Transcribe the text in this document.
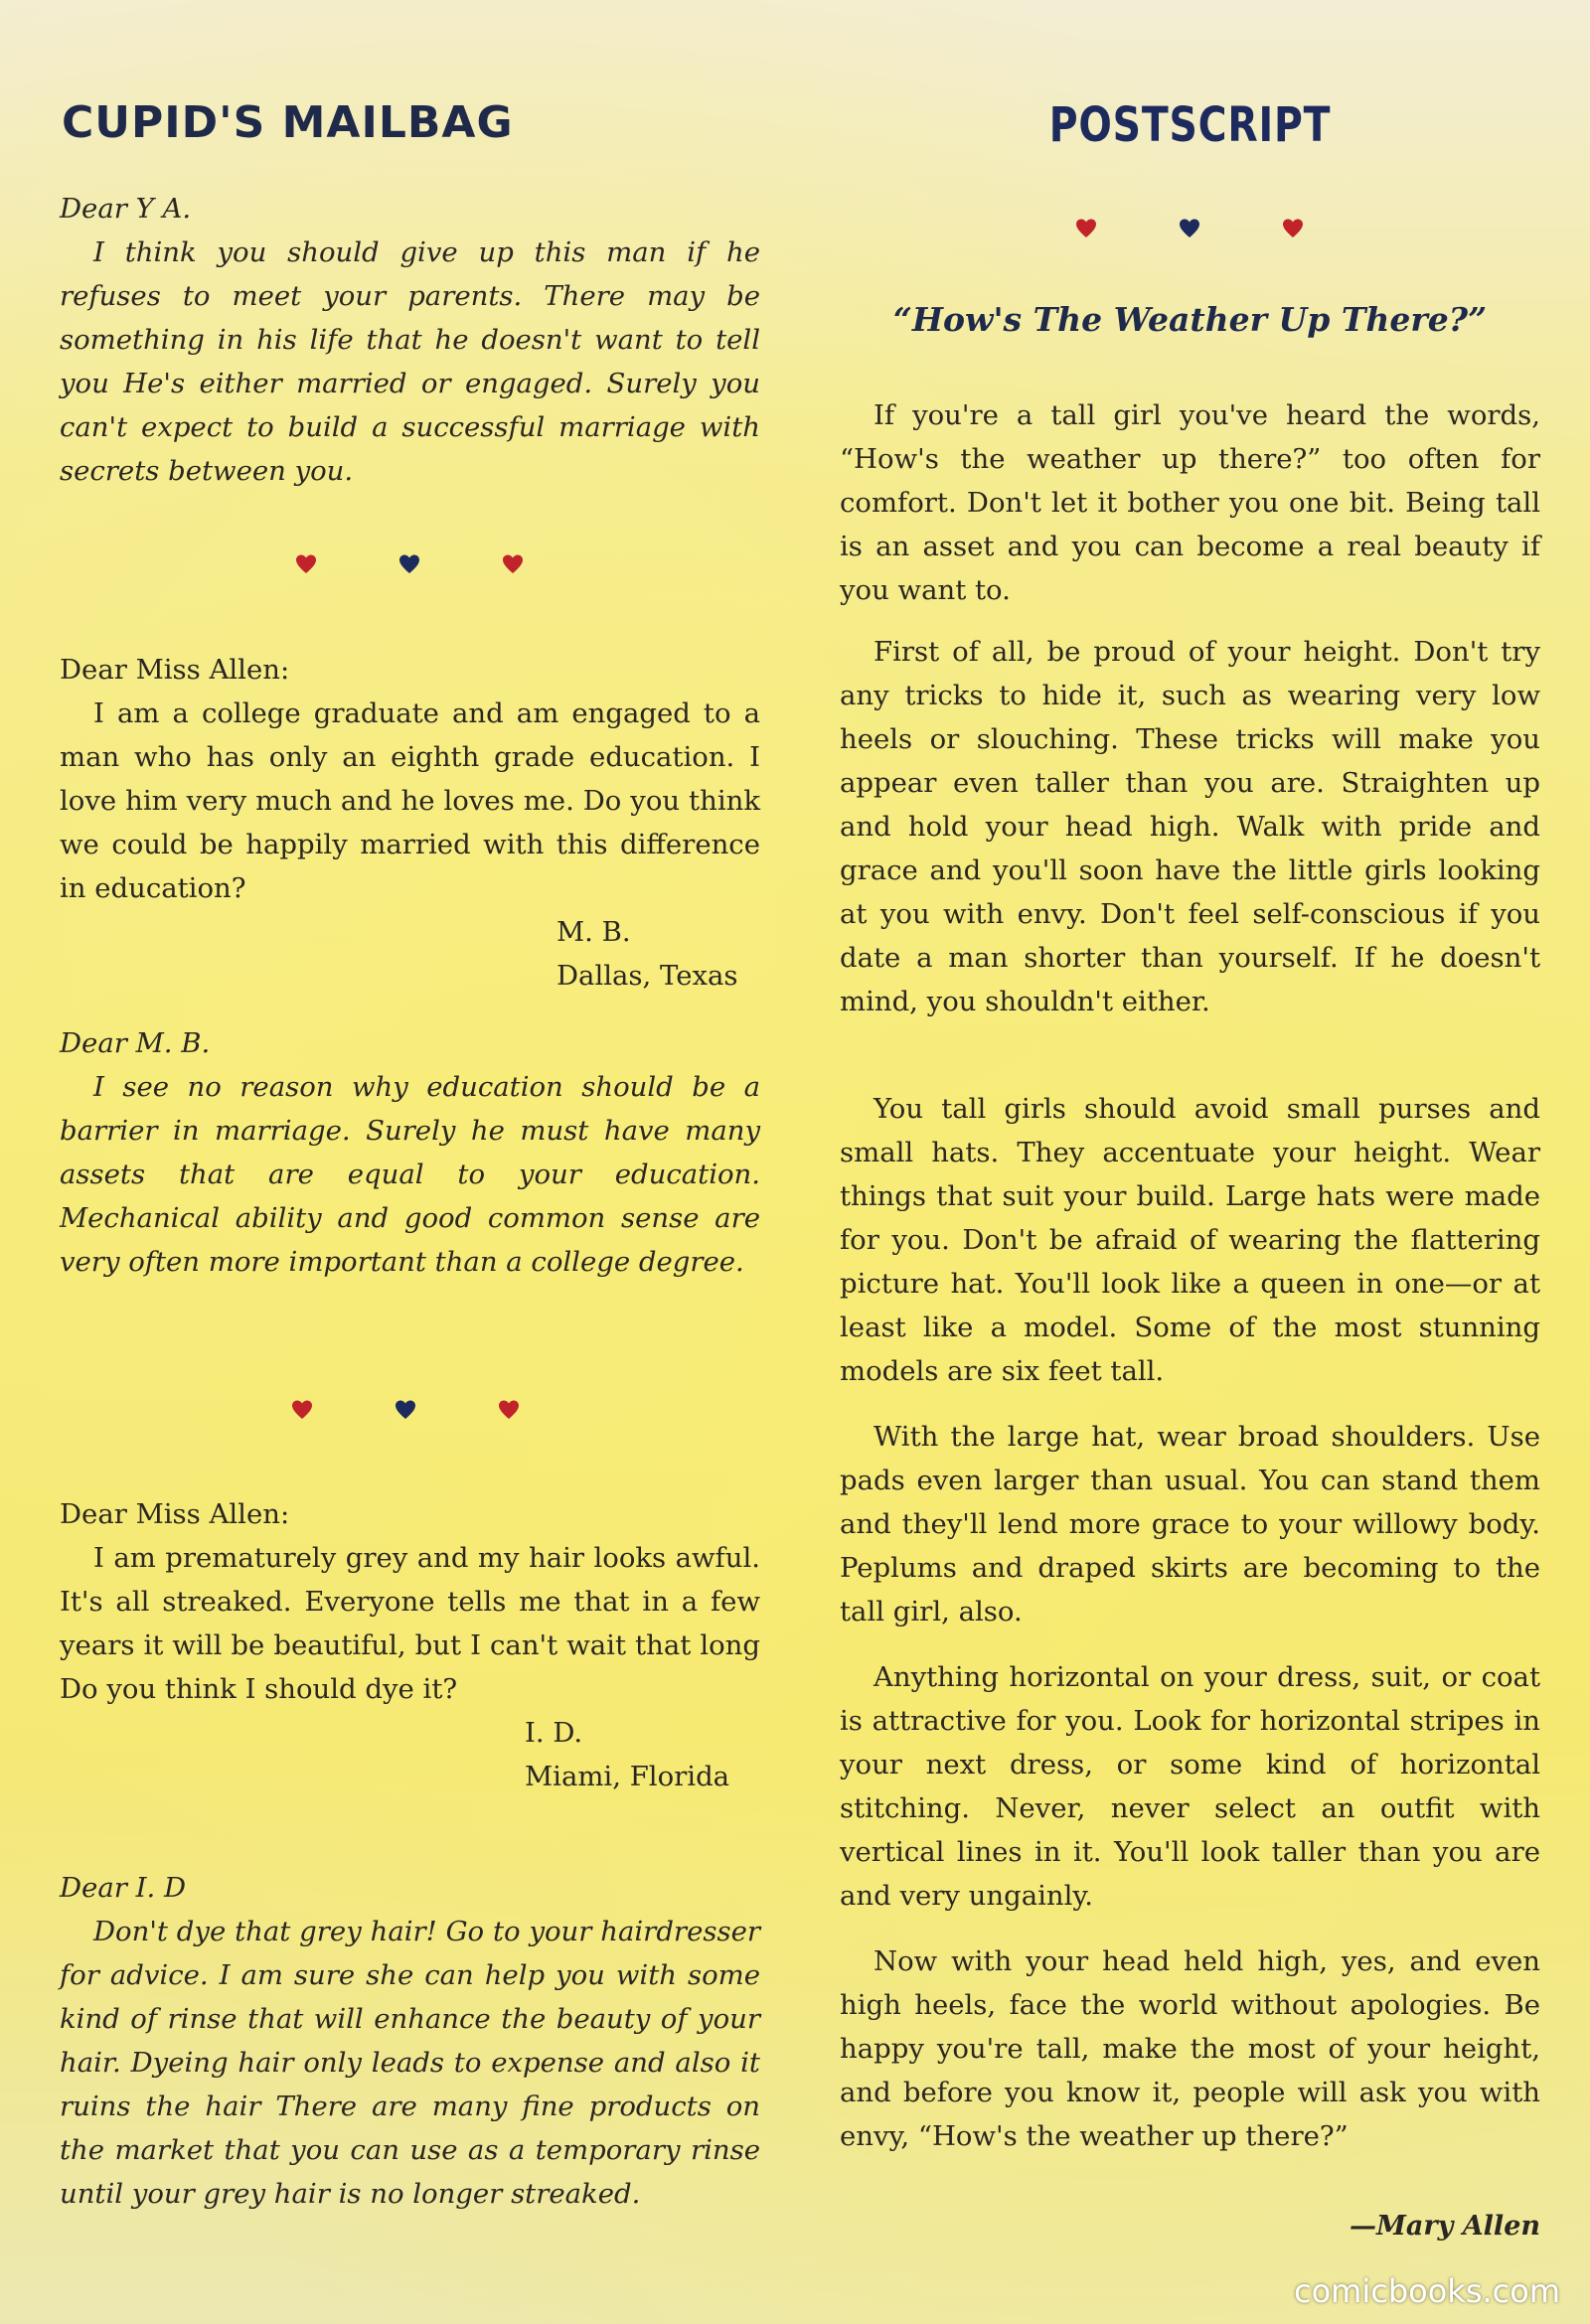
CUPID'S MAILBAG

Dear Y A.

I think you should give up this man if he refuses to meet your parents. There may be something in his life that he doesn't want to tell you He's either married or engaged. Surely you can't expect to build a successful marriage with secrets between you.

Dear Miss Allen:

I am a college graduate and am engaged to a man who has only an eighth grade education. I love him very much and he loves me. Do you think we could be happily married with this difference in education?

M. B.

Dallas, Texas

Dear M. B.

I see no reason why education should be a barrier in marriage. Surely he must have many assets that are equal to your education. Mechanical ability and good common sense are very often more important than a college degree.

Dear Miss Allen:

I am prematurely grey and my hair looks awful. It's all streaked. Everyone tells me that in a few years it will be beautiful, but I can't wait that long Do you think I should dye it?

I. D.

Miami, Florida

Dear I. D

Don't dye that grey hair! Go to your hairdresser for advice. I am sure she can help you with some kind of rinse that will enhance the beauty of your hair. Dyeing hair only leads to expense and also it ruins the hair There are many fine products on the market that you can use as a temporary rinse until your grey hair is no longer streaked.

POSTSCRIPT
“How's The Weather Up There?”

If you're a tall girl you've heard the words, “How's the weather up there?” too often for comfort. Don't let it bother you one bit. Being tall is an asset and you can become a real beauty if you want to.

First of all, be proud of your height. Don't try any tricks to hide it, such as wearing very low heels or slouching. These tricks will make you appear even taller than you are. Straighten up and hold your head high. Walk with pride and grace and you'll soon have the little girls looking at you with envy. Don't feel self-conscious if you date a man shorter than yourself. If he doesn't mind, you shouldn't either.

You tall girls should avoid small purses and small hats. They accentuate your height. Wear things that suit your build. Large hats were made for you. Don't be afraid of wearing the flattering picture hat. You'll look like a queen in one—or at least like a model. Some of the most stunning models are six feet tall.

With the large hat, wear broad shoulders. Use pads even larger than usual. You can stand them and they'll lend more grace to your willowy body. Peplums and draped skirts are becoming to the tall girl, also.

Anything horizontal on your dress, suit, or coat is attractive for you. Look for horizontal stripes in your next dress, or some kind of horizontal stitching. Never, never select an outfit with vertical lines in it. You'll look taller than you are and very ungainly.

Now with your head held high, yes, and even high heels, face the world without apologies. Be happy you're tall, make the most of your height, and before you know it, people will ask you with envy, “How's the weather up there?”

—Mary Allen
comicbooks.com
